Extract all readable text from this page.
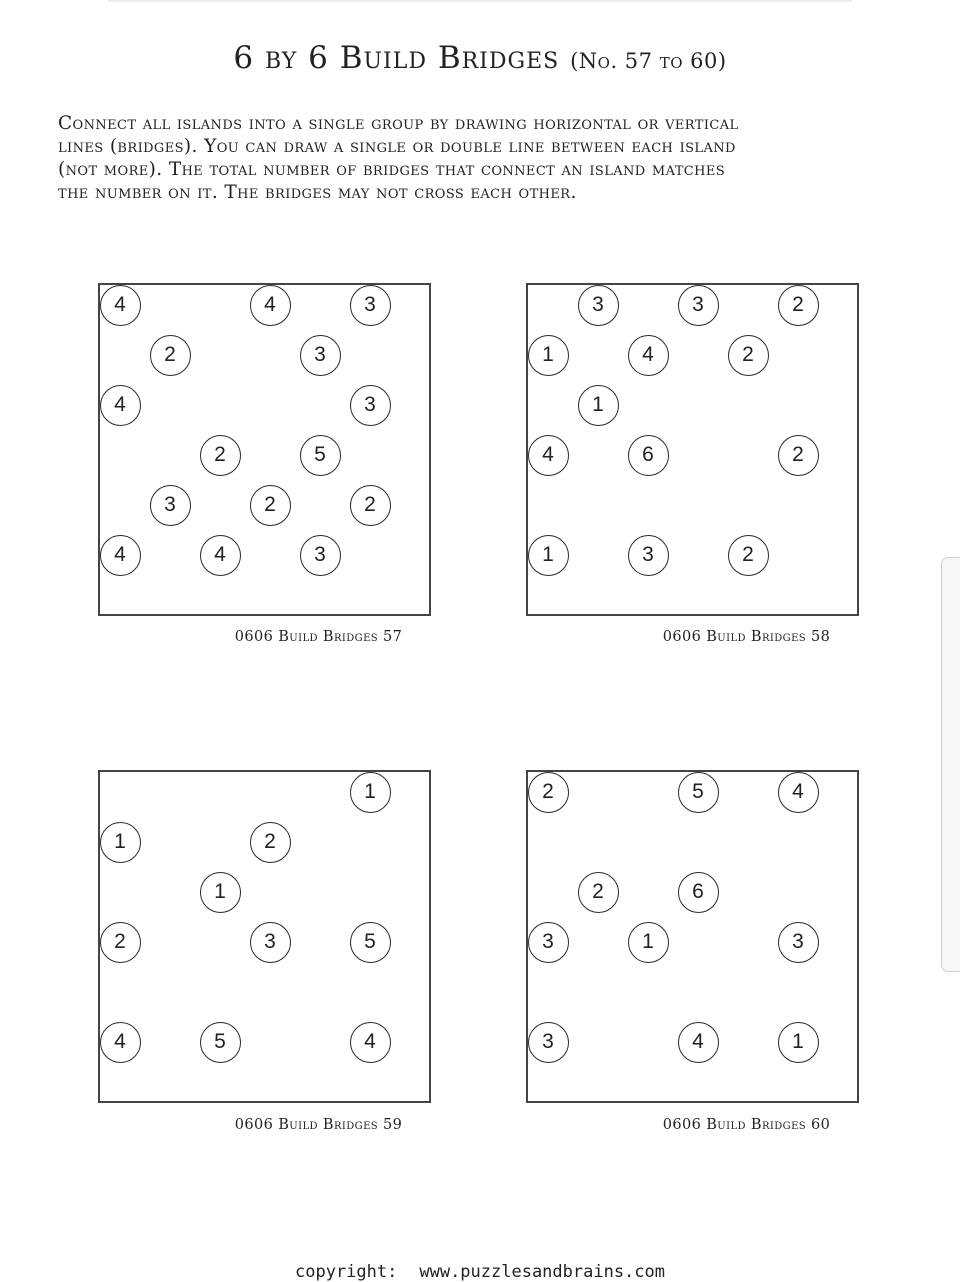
6 by 6 Build Bridges (No. 57 to 60)
Connect all islands into a single group by drawing horizontal or vertical
lines (bridges). You can draw a single or double line between each island
(not more). The total number of bridges that connect an island matches
the number on it. The bridges may not cross each other.
4	4	3
2	3
4	3
2	5
3	2	2
4	4	3
0606 Build Bridges 57
3	3	2
1	4	2
1
4	6	2
1	3	2
0606 Build Bridges 58
1
1	2
1
2	3	5
4	5	4
0606 Build Bridges 59
2	5	4
2	6
3	1	3
3	4	1
0606 Build Bridges 60
copyright: www.puzzlesandbrains.com
